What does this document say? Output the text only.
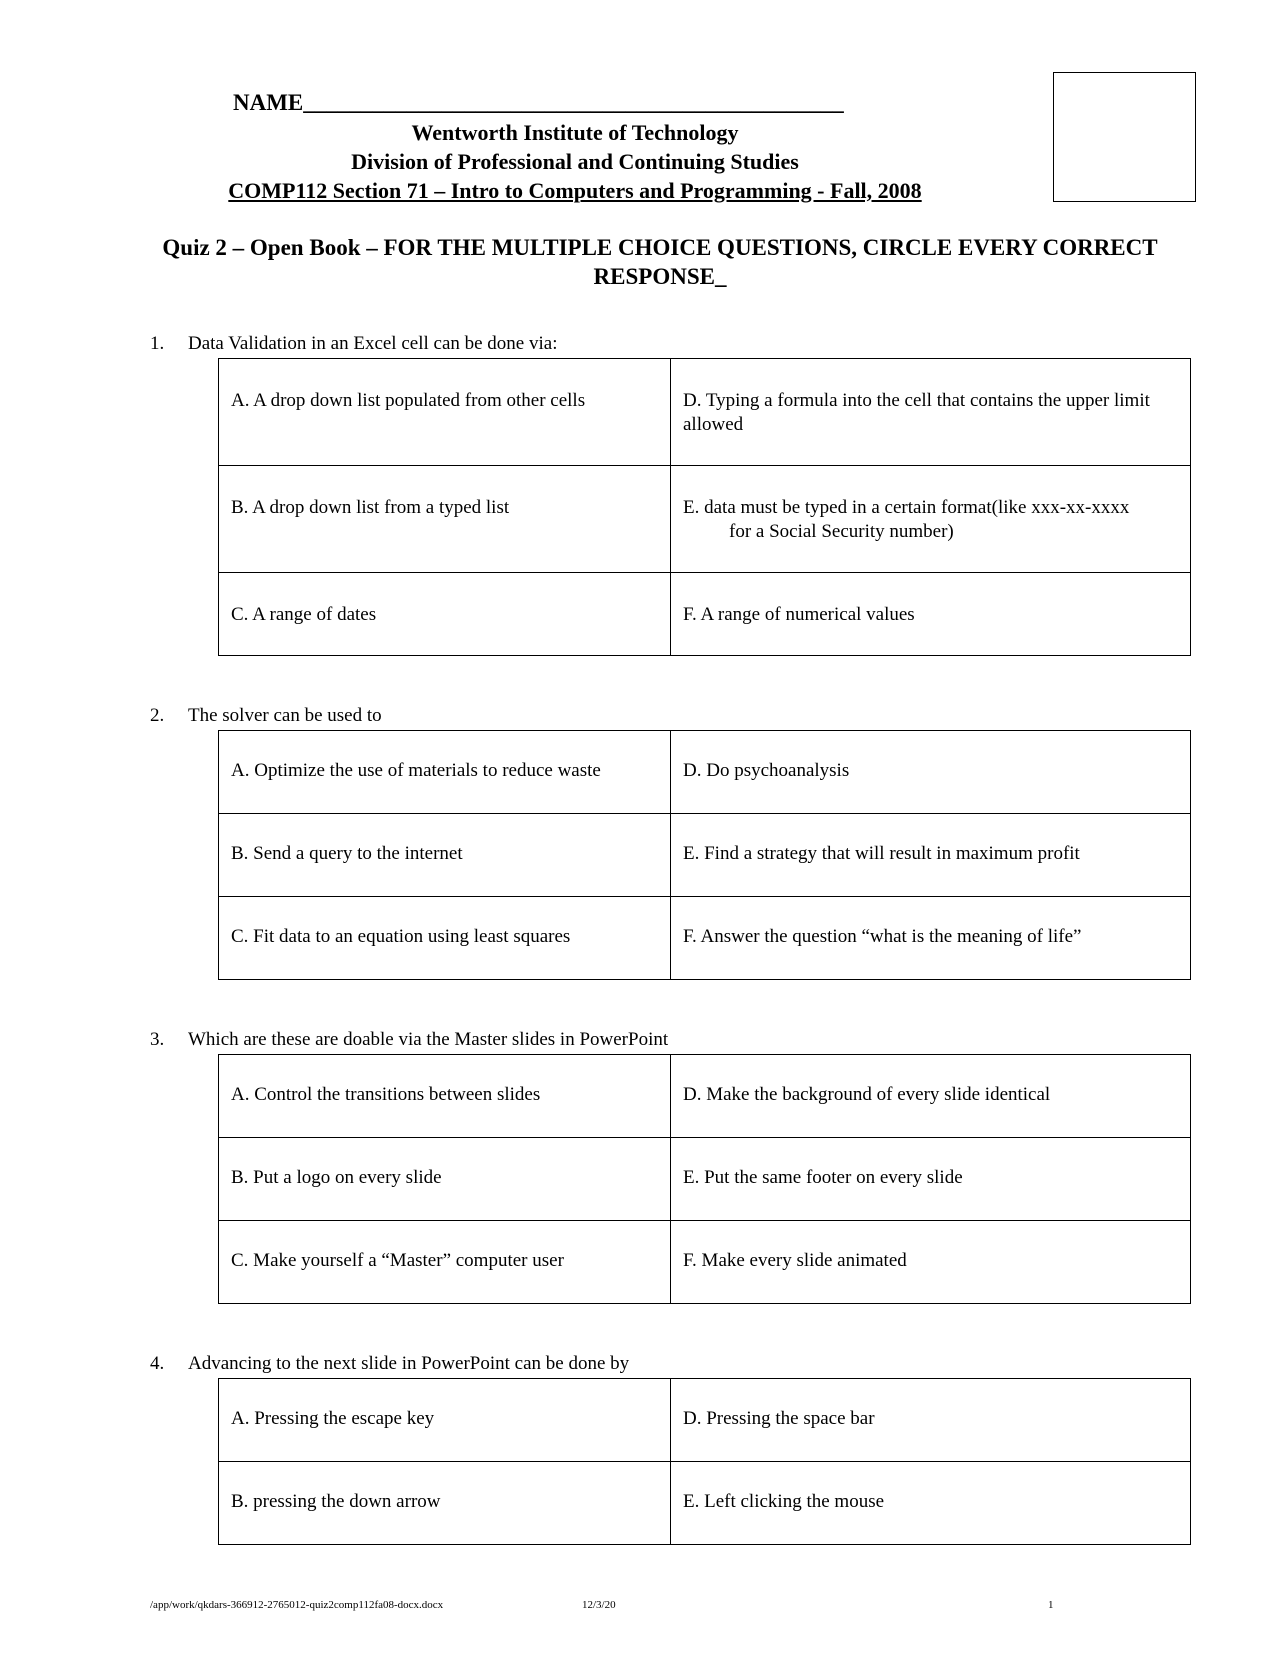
NAME_______________________________________________
Wentworth Institute of Technology
Division of Professional and Continuing Studies
COMP112 Section 71 – Intro to Computers and Programming - Fall, 2008
Quiz 2 – Open Book – FOR THE MULTIPLE CHOICE QUESTIONS, CIRCLE EVERY CORRECT RESPONSE_
1. Data Validation in an Excel cell can be done via:
A. A drop down list populated from other cells	D. Typing a formula into the cell that contains the upper limit allowed
B. A drop down list from a typed list	E. data must be typed in a certain format(like xxx-xx-xxxx
for a Social Security number)

C. A range of dates	F. A range of numerical values
2. The solver can be used to
A. Optimize the use of materials to reduce waste	D. Do psychoanalysis
B. Send a query to the internet	E. Find a strategy that will result in maximum profit
C. Fit data to an equation using least squares	F. Answer the question “what is the meaning of life”
3. Which are these are doable via the Master slides in PowerPoint
A. Control the transitions between slides	D. Make the background of every slide identical
B. Put a logo on every slide	E. Put the same footer on every slide
C. Make yourself a “Master” computer user	F. Make every slide animated
4. Advancing to the next slide in PowerPoint can be done by
A. Pressing the escape key	D. Pressing the space bar
B. pressing the down arrow	E. Left clicking the mouse
/app/work/qkdars-366912-2765012-quiz2comp112fa08-docx.docx	12/3/20	1
